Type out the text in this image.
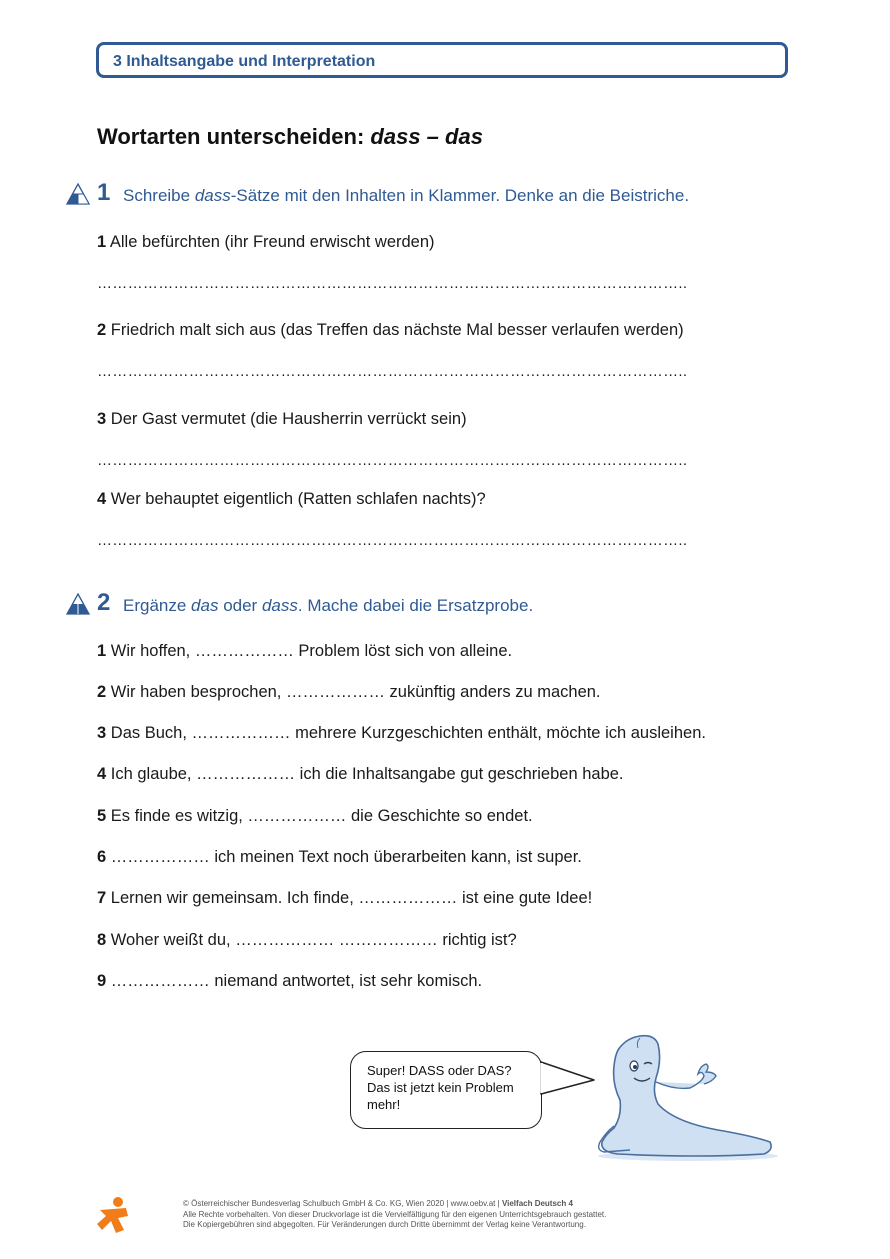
3 Inhaltsangabe und Interpretation
Wortarten unterscheiden: dass – das
1 Schreibe dass-Sätze mit den Inhalten in Klammer. Denke an die Beistriche.
1 Alle befürchten (ihr Freund erwischt werden)
……………………………………………………………………………………………………..
2 Friedrich malt sich aus (das Treffen das nächste Mal besser verlaufen werden)
……………………………………………………………………………………………………..
3 Der Gast vermutet (die Hausherrin verrückt sein)
……………………………………………………………………………………………………..
4 Wer behauptet eigentlich (Ratten schlafen nachts)?
……………………………………………………………………………………………………..
2 Ergänze das oder dass. Mache dabei die Ersatzprobe.
1 Wir hoffen, ……………… Problem löst sich von alleine.
2 Wir haben besprochen, ……………… zukünftig anders zu machen.
3 Das Buch, ……………… mehrere Kurzgeschichten enthält, möchte ich ausleihen.
4 Ich glaube, ……………… ich die Inhaltsangabe gut geschrieben habe.
5 Es finde es witzig, ……………… die Geschichte so endet.
6 ……………… ich meinen Text noch überarbeiten kann, ist super.
7 Lernen wir gemeinsam. Ich finde, ……………… ist eine gute Idee!
8 Woher weißt du, ……………… ……………… richtig ist?
9 ……………… niemand antwortet, ist sehr komisch.
Super! DASS oder DAS? Das ist jetzt kein Problem mehr!
© Österreichischer Bundesverlag Schulbuch GmbH & Co. KG, Wien 2020 | www.oebv.at | Vielfach Deutsch 4
Alle Rechte vorbehalten. Von dieser Druckvorlage ist die Vervielfältigung für den eigenen Unterrichtsgebrauch gestattet.
Die Kopiergebühren sind abgegolten. Für Veränderungen durch Dritte übernimmt der Verlag keine Verantwortung.
